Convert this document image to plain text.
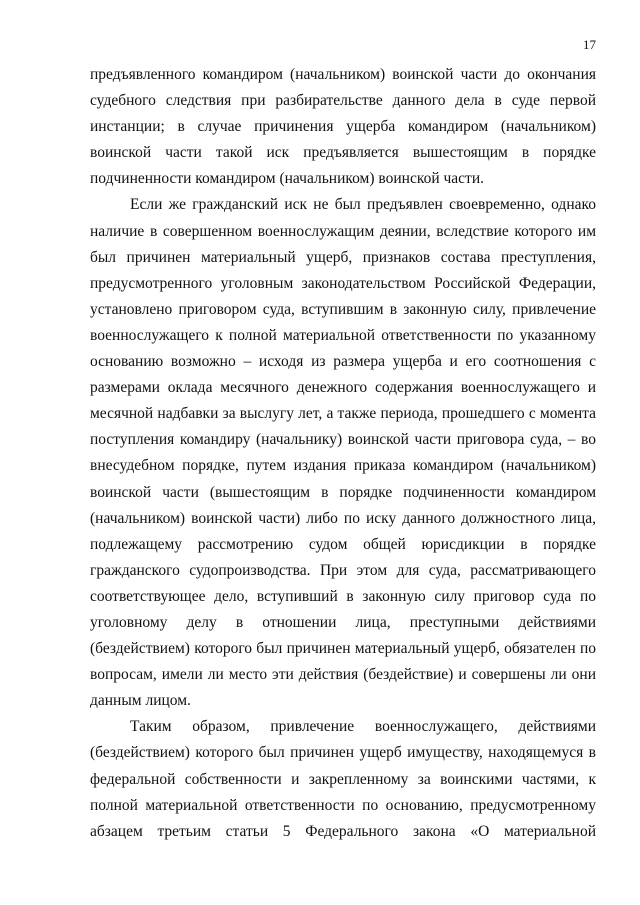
17
предъявленного командиром (начальником) воинской части до окончания
судебного следствия при разбирательстве данного дела в суде первой
инстанции; в случае причинения ущерба командиром (начальником)
воинской части такой иск предъявляется вышестоящим в порядке
подчиненности командиром (начальником) воинской части.
Если же гражданский иск не был предъявлен своевременно, однако
наличие в совершенном военнослужащим деянии, вследствие которого им
был причинен материальный ущерб, признаков состава преступления,
предусмотренного уголовным законодательством Российской Федерации,
установлено приговором суда, вступившим в законную силу, привлечение
военнослужащего к полной материальной ответственности по указанному
основанию возможно – исходя из размера ущерба и его соотношения с
размерами оклада месячного денежного содержания военнослужащего и
месячной надбавки за выслугу лет, а также периода, прошедшего с момента
поступления командиру (начальнику) воинской части приговора суда, – во
внесудебном порядке, путем издания приказа командиром (начальником)
воинской части (вышестоящим в порядке подчиненности командиром
(начальником) воинской части) либо по иску данного должностного лица,
подлежащему рассмотрению судом общей юрисдикции в порядке
гражданского судопроизводства. При этом для суда, рассматривающего
соответствующее дело, вступивший в законную силу приговор суда по
уголовному делу в отношении лица, преступными действиями
(бездействием) которого был причинен материальный ущерб, обязателен по
вопросам, имели ли место эти действия (бездействие) и совершены ли они
данным лицом.
Таким образом, привлечение военнослужащего, действиями
(бездействием) которого был причинен ущерб имуществу, находящемуся в
федеральной собственности и закрепленному за воинскими частями, к
полной материальной ответственности по основанию, предусмотренному
абзацем третьим статьи 5 Федерального закона «О материальной
